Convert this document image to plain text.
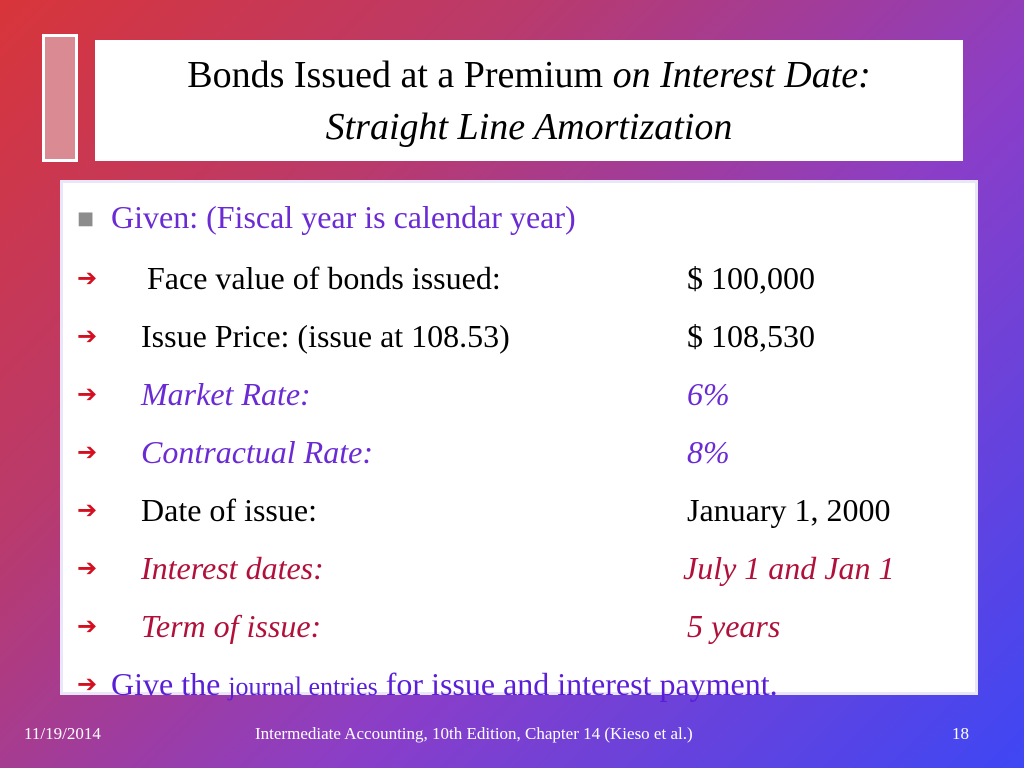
Bonds Issued at a Premium on Interest Date:
Straight Line Amortization
■ Given: (Fiscal year is calendar year)
➔ Face value of bonds issued:	$ 100,000
➔ Issue Price: (issue at 108.53)	$ 108,530
➔ Market Rate:	6%
➔ Contractual Rate:	8%
➔ Date of issue:	January 1, 2000
➔ Interest dates:	July 1 and Jan 1
➔ Term of issue:	5 years
➔ Give the journal entries for issue and interest payment.
11/19/2014	Intermediate Accounting, 10th Edition, Chapter 14 (Kieso et al.)	18
